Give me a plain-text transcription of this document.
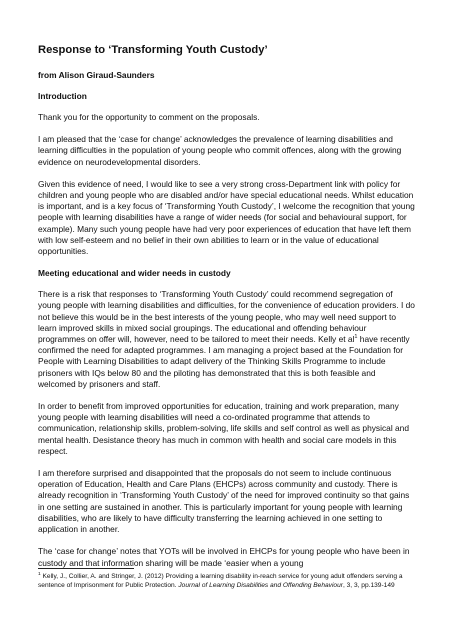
Response to ‘Transforming Youth Custody’
from Alison Giraud-Saunders
Introduction

Thank you for the opportunity to comment on the proposals.

I am pleased that the ‘case for change’ acknowledges the prevalence of learning disabilities and learning difficulties in the population of young people who commit offences, along with the growing evidence on neurodevelopmental disorders.

Given this evidence of need, I would like to see a very strong cross-Department link with policy for children and young people who are disabled and/or have special educational needs. Whilst education is important, and is a key focus of ‘Transforming Youth Custody’, I welcome the recognition that young people with learning disabilities have a range of wider needs (for social and behavioural support, for example). Many such young people have had very poor experiences of education that have left them with low self-esteem and no belief in their own abilities to learn or in the value of educational opportunities.

Meeting educational and wider needs in custody

There is a risk that responses to ‘Transforming Youth Custody’ could recommend segregation of young people with learning disabilities and difficulties, for the convenience of education providers. I do not believe this would be in the best interests of the young people, who may well need support to learn improved skills in mixed social groupings. The educational and offending behaviour programmes on offer will, however, need to be tailored to meet their needs. Kelly et $al^1$ have recently confirmed the need for adapted programmes. I am managing a project based at the Foundation for People with Learning Disabilities to adapt delivery of the Thinking Skills Programme to include prisoners with IQs below 80 and the piloting has demonstrated that this is both feasible and welcomed by prisoners and staff.

In order to benefit from improved opportunities for education, training and work preparation, many young people with learning disabilities will need a co-ordinated programme that attends to communication, relationship skills, problem-solving, life skills and self control as well as physical and mental health. Desistance theory has much in common with health and social care models in this respect.

I am therefore surprised and disappointed that the proposals do not seem to include continuous operation of Education, Health and Care Plans (EHCPs) across community and custody. There is already recognition in ‘Transforming Youth Custody’ of the need for improved continuity so that gains in one setting are sustained in another. This is particularly important for young people with learning disabilities, who are likely to have difficulty transferring the learning achieved in one setting to application in another.

The ‘case for change’ notes that YOTs will be involved in EHCPs for young people who have been in custody and that information sharing will be made ‘easier when a young

$^1$ Kelly, J., Collier, A. and Stringer, J. (2012) Providing a learning disability in-reach service for young adult offenders serving a sentence of Imprisonment for Public Protection. Journal of Learning Disabilities and Offending Behaviour, 3, 3, pp.139-149
